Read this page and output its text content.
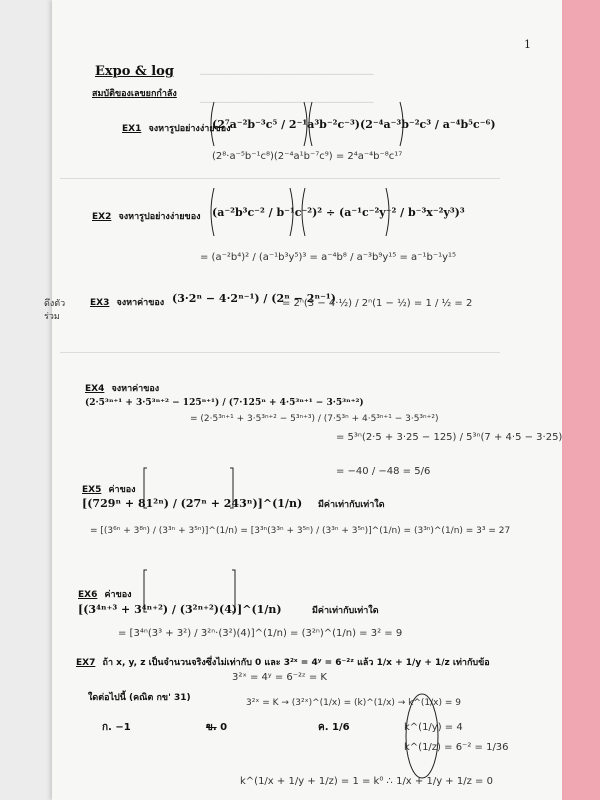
────────────────────────────────────
────────────────────────────────────
1
Expo & log
สมบัติของเลขยกกำลัง
ดึงตัวร่วม
EX1 จงหารูปอย่างง่ายของ
(2⁷a⁻²b⁻³c⁵ / 2⁻¹a³b⁻²c⁻³)(2⁻⁴a⁻³b⁻²c³ / a⁻⁴b⁵c⁻⁶)
(2⁸·a⁻⁵b⁻¹c⁸)(2⁻⁴a¹b⁻⁷c⁹) = 2⁴a⁻⁴b⁻⁸c¹⁷
EX2 จงหารูปอย่างง่ายของ (a⁻²b³c⁻² / b⁻¹c⁻²)² ÷ (a⁻¹c⁻²y⁻² / b⁻³x⁻²y³)³
= (a⁻²b⁴)² / (a⁻¹b³y⁵)³ = a⁻⁴b⁸ / a⁻³b⁹y¹⁵ = a⁻¹b⁻¹y¹⁵
EX3 จงหาค่าของ (3·2ⁿ − 4·2ⁿ⁻¹) / (2ⁿ − 2ⁿ⁻¹)
= 2ⁿ(3 − 4·½) / 2ⁿ(1 − ½) = 1 / ½ = 2
EX4 จงหาค่าของ
(2·5³ⁿ⁺¹ + 3·5³ⁿ⁺² − 125ⁿ⁺¹) / (7·125ⁿ + 4·5³ⁿ⁺¹ − 3·5³ⁿ⁺²)
= (2·5³ⁿ⁺¹ + 3·5³ⁿ⁺² − 5³ⁿ⁺³) / (7·5³ⁿ + 4·5³ⁿ⁺¹ − 3·5³ⁿ⁺²)
= 5³ⁿ(2·5 + 3·25 − 125) / 5³ⁿ(7 + 4·5 − 3·25)
= −40 / −48 = 5/6
EX5 ค่าของ
[(729ⁿ + 81²ⁿ) / (27ⁿ + 243ⁿ)]^(1/n) มีค่าเท่ากับเท่าใด
= [(3⁶ⁿ + 3⁸ⁿ) / (3³ⁿ + 3⁵ⁿ)]^(1/n) = [3³ⁿ(3³ⁿ + 3⁵ⁿ) / (3³ⁿ + 3⁵ⁿ)]^(1/n) = (3³ⁿ)^(1/n) = 3³ = 27
EX6 ค่าของ
[(3⁴ⁿ⁺³ + 3⁴ⁿ⁺²) / (3²ⁿ⁺²)(4)]^(1/n)	มีค่าเท่ากับเท่าใด
= [3⁴ⁿ(3³ + 3²) / 3²ⁿ·(3²)(4)]^(1/n) = (3²ⁿ)^(1/n) = 3² = 9
EX7 ถ้า x, y, z เป็นจำนวนจริงซึ่งไม่เท่ากับ 0 และ 3²ˣ = 4ʸ = 6⁻²ᶻ แล้ว 1/x + 1/y + 1/z เท่ากับข้อ
ใดต่อไปนี้ (คณิต กข' 31)
3²ˣ = 4ʸ = 6⁻²ᶻ = K
3²ˣ = K → (3²ˣ)^(1/x) = (k)^(1/x) → k^(1/x) = 9
k^(1/y) = 4
k^(1/z) = 6⁻² = 1/36
k^(1/x + 1/y + 1/z) = 1 = k⁰ ∴ 1/x + 1/y + 1/z = 0
ก. −1	ข. 0	ค. 1/6
